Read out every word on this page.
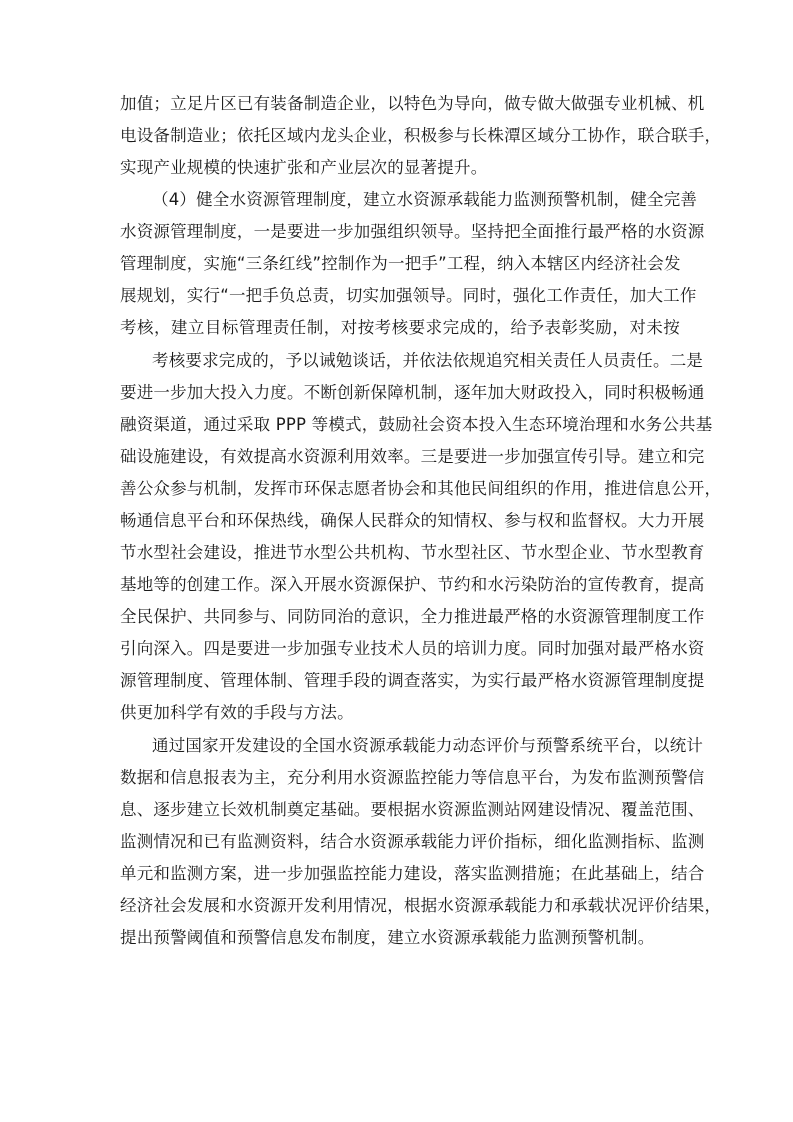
加值；立足片区已有装备制造企业，以特色为导向，做专做大做强专业机械、机
电设备制造业；依托区域内龙头企业，积极参与长株潭区域分工协作，联合联手，
实现产业规模的快速扩张和产业层次的显著提升。
（4）健全水资源管理制度，建立水资源承载能力监测预警机制，健全完善
水资源管理制度，一是要进一步加强组织领导。坚持把全面推行最严格的水资源
管理制度，实施“三条红线”控制作为一把手”工程，纳入本辖区内经济社会发
展规划，实行“一把手负总责，切实加强领导。同时，强化工作责任，加大工作
考核，建立目标管理责任制，对按考核要求完成的，给予表彰奖励，对未按
考核要求完成的，予以诫勉谈话，并依法依规追究相关责任人员责任。二是
要进一步加大投入力度。不断创新保障机制，逐年加大财政投入，同时积极畅通
融资渠道，通过采取 PPP 等模式，鼓励社会资本投入生态环境治理和水务公共基
础设施建设，有效提高水资源利用效率。三是要进一步加强宣传引导。建立和完
善公众参与机制，发挥市环保志愿者协会和其他民间组织的作用，推进信息公开，
畅通信息平台和环保热线，确保人民群众的知情权、参与权和监督权。大力开展
节水型社会建设，推进节水型公共机构、节水型社区、节水型企业、节水型教育
基地等的创建工作。深入开展水资源保护、节约和水污染防治的宣传教育，提高
全民保护、共同参与、同防同治的意识，全力推进最严格的水资源管理制度工作
引向深入。四是要进一步加强专业技术人员的培训力度。同时加强对最严格水资
源管理制度、管理体制、管理手段的调查落实，为实行最严格水资源管理制度提
供更加科学有效的手段与方法。
通过国家开发建设的全国水资源承载能力动态评价与预警系统平台，以统计
数据和信息报表为主，充分利用水资源监控能力等信息平台，为发布监测预警信
息、逐步建立长效机制奠定基础。要根据水资源监测站网建设情况、覆盖范围、
监测情况和已有监测资料，结合水资源承载能力评价指标，细化监测指标、监测
单元和监测方案，进一步加强监控能力建设，落实监测措施；在此基础上，结合
经济社会发展和水资源开发利用情况，根据水资源承载能力和承载状况评价结果，
提出预警阈值和预警信息发布制度，建立水资源承载能力监测预警机制。
